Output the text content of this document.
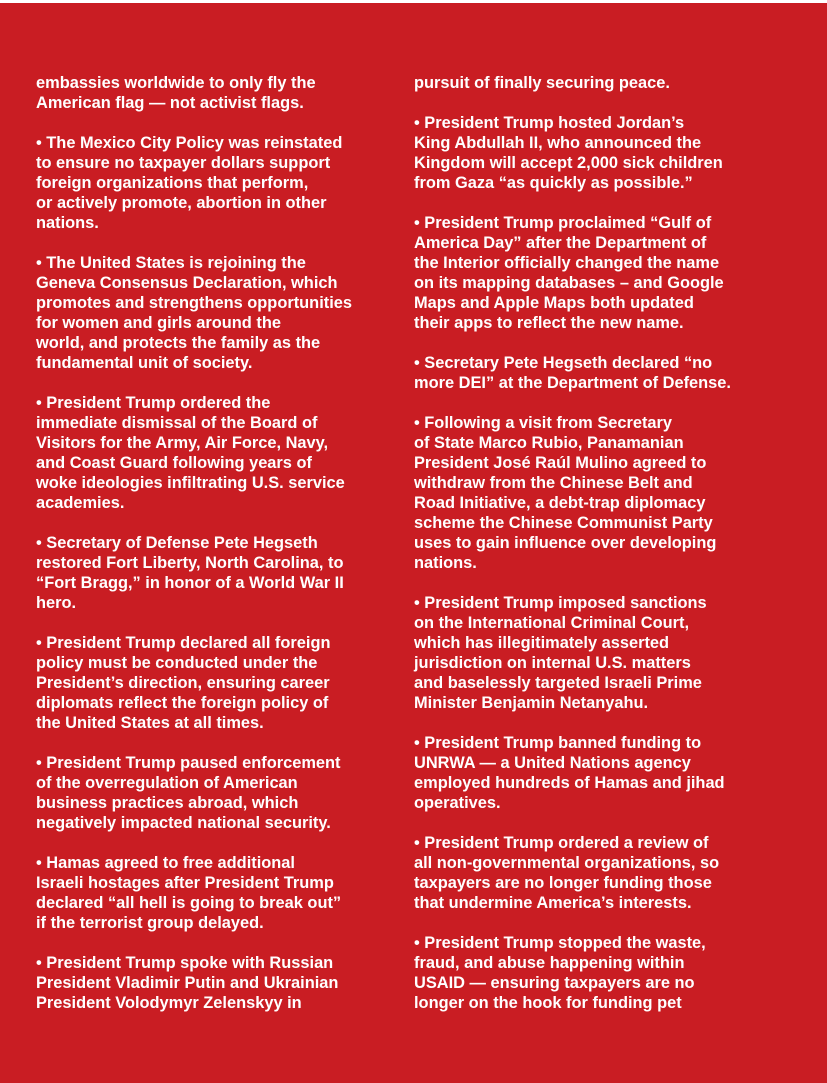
embassies worldwide to only fly the
American flag — not activist flags.

• The Mexico City Policy was reinstated
to ensure no taxpayer dollars support
foreign organizations that perform,
or actively promote, abortion in other
nations.

• The United States is rejoining the
Geneva Consensus Declaration, which
promotes and strengthens opportunities
for women and girls around the
world, and protects the family as the
fundamental unit of society.

• President Trump ordered the
immediate dismissal of the Board of
Visitors for the Army, Air Force, Navy,
and Coast Guard following years of
woke ideologies infiltrating U.S. service
academies.

• Secretary of Defense Pete Hegseth
restored Fort Liberty, North Carolina, to
“Fort Bragg,” in honor of a World War II
hero.

• President Trump declared all foreign
policy must be conducted under the
President’s direction, ensuring career
diplomats reflect the foreign policy of
the United States at all times.

• President Trump paused enforcement
of the overregulation of American
business practices abroad, which
negatively impacted national security.

• Hamas agreed to free additional
Israeli hostages after President Trump
declared “all hell is going to break out”
if the terrorist group delayed.

• President Trump spoke with Russian
President Vladimir Putin and Ukrainian
President Volodymyr Zelenskyy in

pursuit of finally securing peace.

• President Trump hosted Jordan’s
King Abdullah II, who announced the
Kingdom will accept 2,000 sick children
from Gaza “as quickly as possible.”

• President Trump proclaimed “Gulf of
America Day” after the Department of
the Interior officially changed the name
on its mapping databases – and Google
Maps and Apple Maps both updated
their apps to reflect the new name.

• Secretary Pete Hegseth declared “no
more DEI” at the Department of Defense.

• Following a visit from Secretary
of State Marco Rubio, Panamanian
President José Raúl Mulino agreed to
withdraw from the Chinese Belt and
Road Initiative, a debt-trap diplomacy
scheme the Chinese Communist Party
uses to gain influence over developing
nations.

• President Trump imposed sanctions
on the International Criminal Court,
which has illegitimately asserted
jurisdiction on internal U.S. matters
and baselessly targeted Israeli Prime
Minister Benjamin Netanyahu.

• President Trump banned funding to
UNRWA — a United Nations agency
employed hundreds of Hamas and jihad
operatives.

• President Trump ordered a review of
all non-governmental organizations, so
taxpayers are no longer funding those
that undermine America’s interests.

• President Trump stopped the waste,
fraud, and abuse happening within
USAID — ensuring taxpayers are no
longer on the hook for funding pet
